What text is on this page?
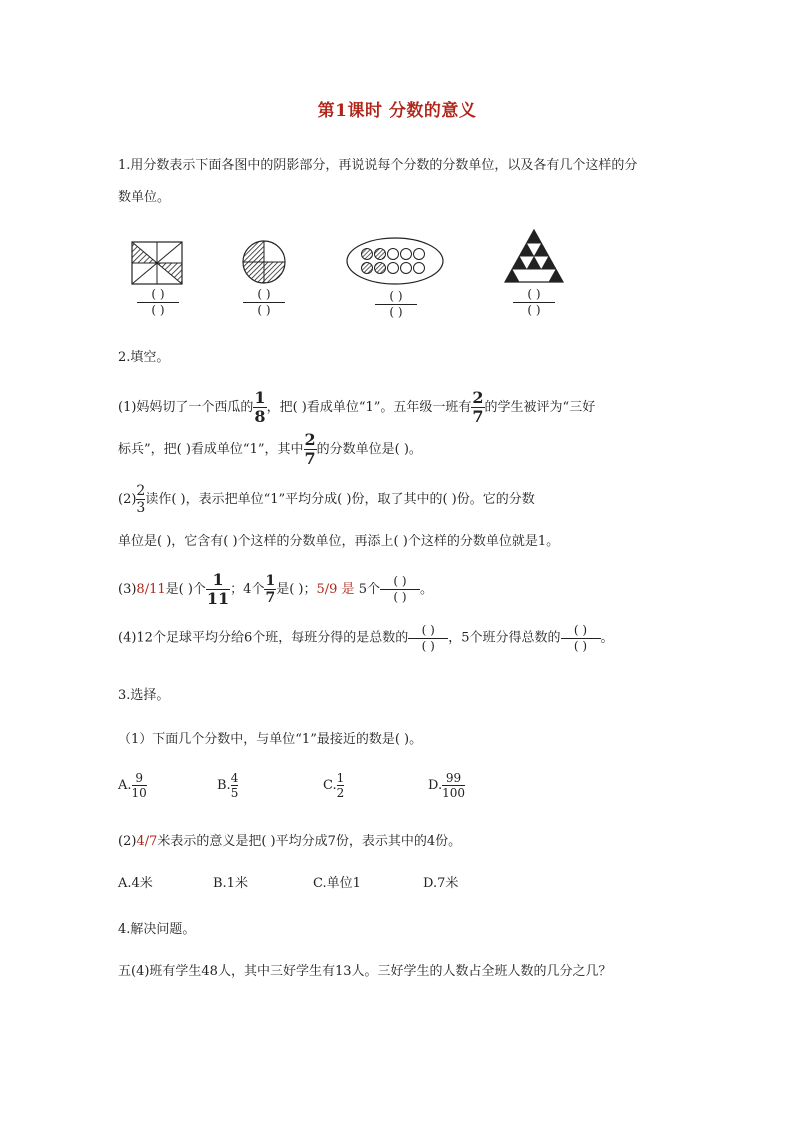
第1课时 分数的意义
1.用分数表示下面各图中的阴影部分，再说说每个分数的分数单位，以及各有几个这样的分
数单位。
( )
( )
( )
( )
( )
( )
( )
( )
2.填空。
(1)妈妈切了一个西瓜的 $\frac{1}{8}$ ，把( )看成单位“1”。五年级一班有 $\frac{2}{7}$ 的学生被评为“三好
标兵”，把( )看成单位“1”，其中 $\frac{2}{7}$ 的分数单位是( )。
$(2) \frac{2}{3}$ 读作( )，表示把单位“1”平均分成( )份，取了其中的( )份。它的分数
单位是( )，它含有( )个这样的分数单位，再添上( )个这样的分数单位就是1。
(3)8/11是( )个 $\frac{1}{11}$ ；4个 $\frac{1}{7}$ 是( )；5/9 是 5个( )
( ) 。
(4)12个足球平均分给6个班，每班分得的是总数的( )
( ) ，5个班分得总数的( )
( ) 。
3.选择。
（1）下面几个分数中，与单位“1”最接近的数是( )。
A. $\frac{9}{10}$	B. $\frac{4}{5}$	C. $\frac{1}{2}$	D. $\frac{99}{100}$
(2)4/7米表示的意义是把( )平均分成7份，表示其中的4份。
A.4米	B.1米	C.单位1	D.7米
4.解决问题。
五(4)班有学生48人，其中三好学生有13人。三好学生的人数占全班人数的几分之几？
